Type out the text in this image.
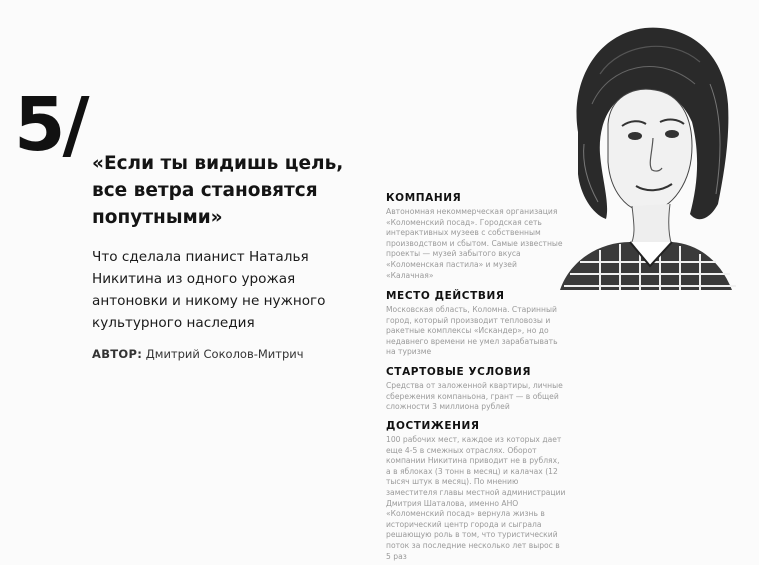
5/ «Если ты видишь цель, все ветра становятся попутными»
Что сделала пианист Наталья Никитина из одного урожая антоновки и никому не нужного культурного наследия
АВТОР: Дмитрий Соколов-Митрич
КОМПАНИЯ

Автономная некоммерческая организация «Коломенский посад». Городская сеть интерактивных музеев с собственным производством и сбытом. Самые известные проекты — музей забытого вкуса «Коломенская пастила» и музей «Калачная»

МЕСТО ДЕЙСТВИЯ

Московская область, Коломна. Старинный город, который производит тепловозы и ракетные комплексы «Искандер», но до недавнего времени не умел зарабатывать на туризме

СТАРТОВЫЕ УСЛОВИЯ

Средства от заложенной квартиры, личные сбережения компаньона, грант — в общей сложности 3 миллиона рублей

ДОСТИЖЕНИЯ

100 рабочих мест, каждое из которых дает еще 4-5 в смежных отраслях. Оборот компании Никитина приводит не в рублях, а в яблоках (3 тонн в месяц) и калачах (12 тысяч штук в месяц). По мнению заместителя главы местной администрации Дмитрия Шаталова, именно АНО «Коломенский посад» вернула жизнь в исторический центр города и сыграла решающую роль в том, что туристический поток за последние несколько лет вырос в 5 раз
